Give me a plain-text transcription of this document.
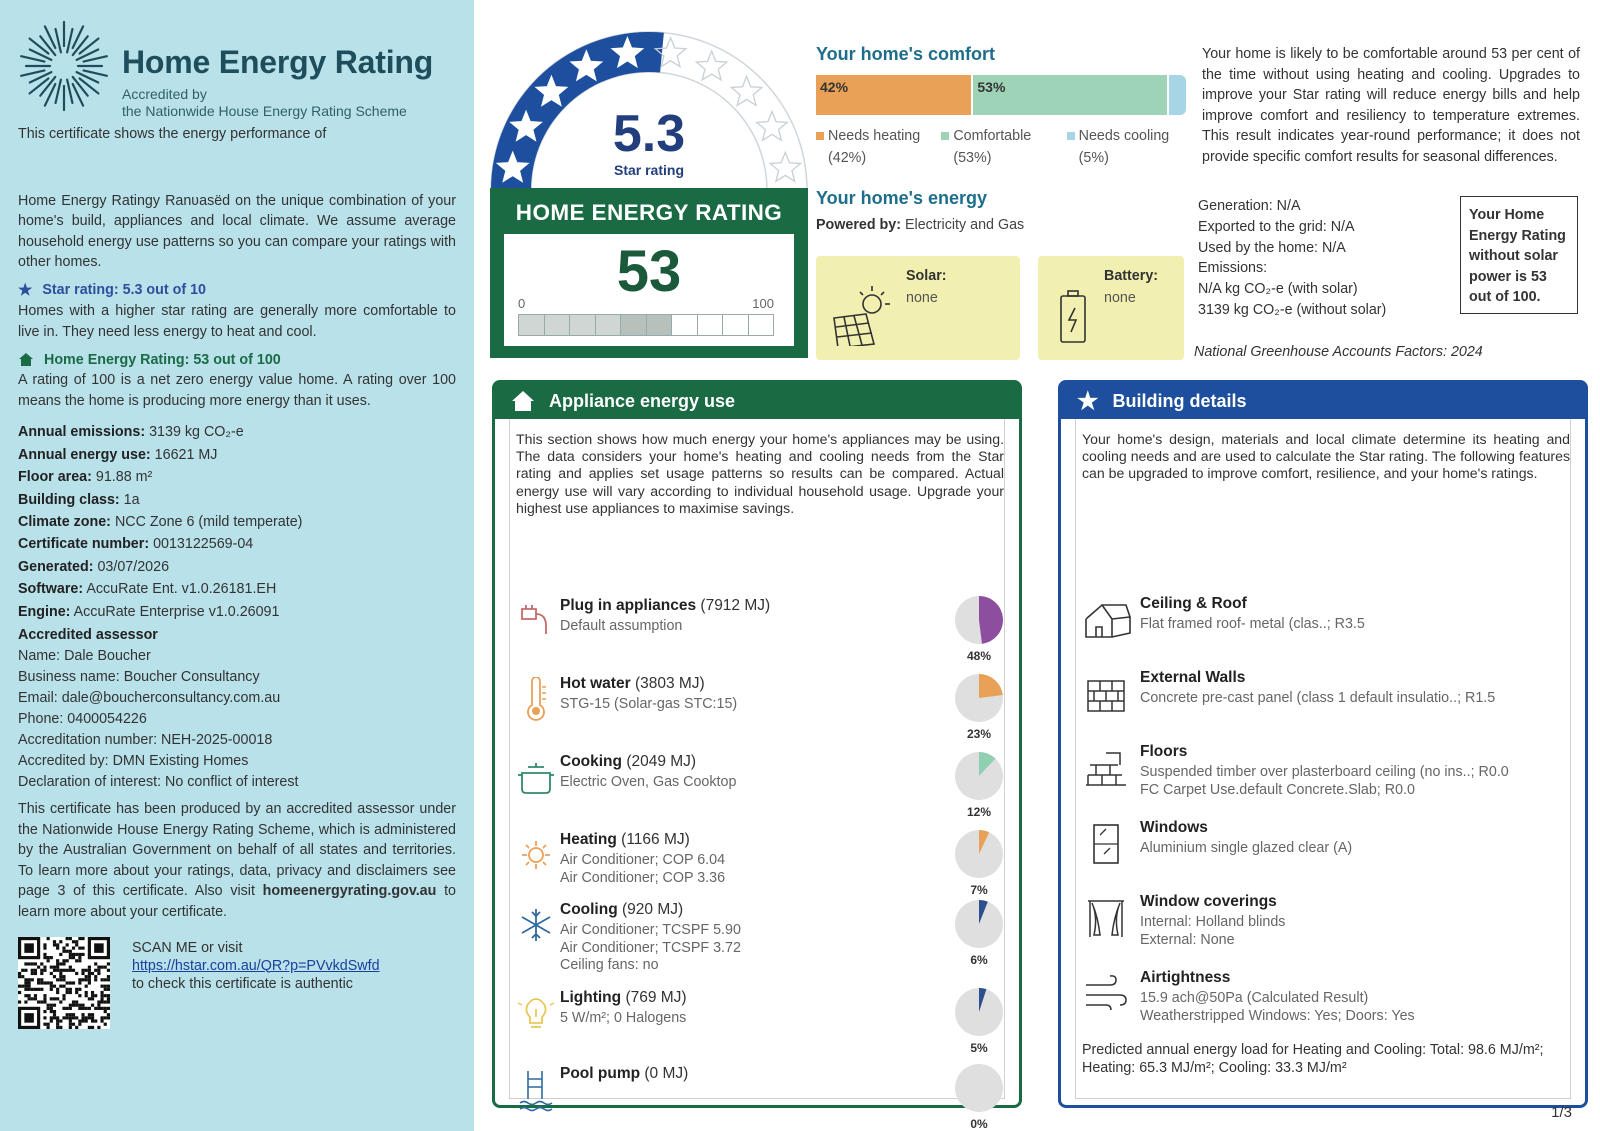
Home Energy Rating
Accredited by
the Nationwide House Energy Rating Scheme

This certificate shows the energy performance of

Home Energy Ratingy Ranʋasëd on the unique combination of your home's build, appliances and local climate. We assume average household energy use patterns so you can compare your ratings with other homes.

★ Star rating: 5.3 out of 10

Homes with a higher star rating are generally more comfortable to live in. They need less energy to heat and cool.

Home Energy Rating: 53 out of 100

A rating of 100 is a net zero energy value home. A rating over 100 means the home is producing more energy than it uses.

Annual emissions: 3139 kg CO₂-e
Annual energy use: 16621 MJ
Floor area: 91.88 m²
Building class: 1a
Climate zone: NCC Zone 6 (mild temperate)
Certificate number: 0013122569-04
Generated: 03/07/2026
Software: AccuRate Ent. v1.0.26181.EH
Engine: AccuRate Enterprise v1.0.26091
Accredited assessor
Name: Dale Boucher
Business name: Boucher Consultancy
Email: dale@boucherconsultancy.com.au
Phone: 0400054226
Accreditation number: NEH-2025-00018
Accredited by: DMN Existing Homes
Declaration of interest: No conflict of interest

This certificate has been produced by an accredited assessor under the Nationwide House Energy Rating Scheme, which is administered by the Australian Government on behalf of all states and territories. To learn more about your ratings, data, privacy and disclaimers see page 3 of this certificate. Also visit homeenergyrating.gov.au to learn more about your certificate.

SCAN ME or visit
https://hstar.com.au/QR?p=PVvkdSwfd
to check this certificate is authentic
5.3
Star rating
HOME ENERGY RATING
53
0	100
Your home's comfort
42%	53%
Needs heating
(42%)
Comfortable
(53%)
Needs cooling
(5%)
Your home's energy
Powered by: Electricity and Gas
Solar:
none
Battery:
none
Your home is likely to be comfortable around 53 per cent of the time without using heating and cooling. Upgrades to improve your Star rating will reduce energy bills and help improve comfort and resiliency to temperature extremes. This result indicates year-round performance; it does not provide specific comfort results for seasonal differences.
Generation: N/A
Exported to the grid: N/A
Used by the home: N/A
Emissions:
N/A kg CO₂-e (with solar)
3139 kg CO₂-e (without solar)
Your Home Energy Rating without solar power is 53 out of 100.
National Greenhouse Accounts Factors: 2024
Appliance energy use
This section shows how much energy your home's appliances may be using. The data considers your home's heating and cooling needs from the Star rating and applies set usage patterns so results can be compared. Actual energy use will vary according to individual household usage. Upgrade your highest use appliances to maximise savings.
Plug in appliances (7912 MJ)
Default assumption
48%
Hot water (3803 MJ)
STG-15 (Solar-gas STC:15)
23%
Cooking (2049 MJ)
Electric Oven, Gas Cooktop
12%
Heating (1166 MJ)
Air Conditioner; COP 6.04
Air Conditioner; COP 3.36
7%
Cooling (920 MJ)
Air Conditioner; TCSPF 5.90
Air Conditioner; TCSPF 3.72
Ceiling fans: no	6%
Lighting (769 MJ)
5 W/m²; 0 Halogens
5%
Pool pump (0 MJ)
0%
★ Building details
Your home's design, materials and local climate determine its heating and cooling needs and are used to calculate the Star rating. The following features can be upgraded to improve comfort, resilience, and your home's ratings.
Predicted annual energy load for Heating and Cooling: Total: 98.6 MJ/m²; Heating: 65.3 MJ/m²; Cooling: 33.3 MJ/m²
Ceiling & Roof
Flat framed roof- metal (clas..; R3.5
External Walls
Concrete pre-cast panel (class 1 default insulatio..; R1.5
Floors
Suspended timber over plasterboard ceiling (no ins..; R0.0
FC Carpet Use.default Concrete.Slab; R0.0
Windows
Aluminium single glazed clear (A)
Window coverings
Internal: Holland blinds
External: None
Airtightness
15.9 ach@50Pa (Calculated Result)
Weatherstripped Windows: Yes; Doors: Yes
1/3
